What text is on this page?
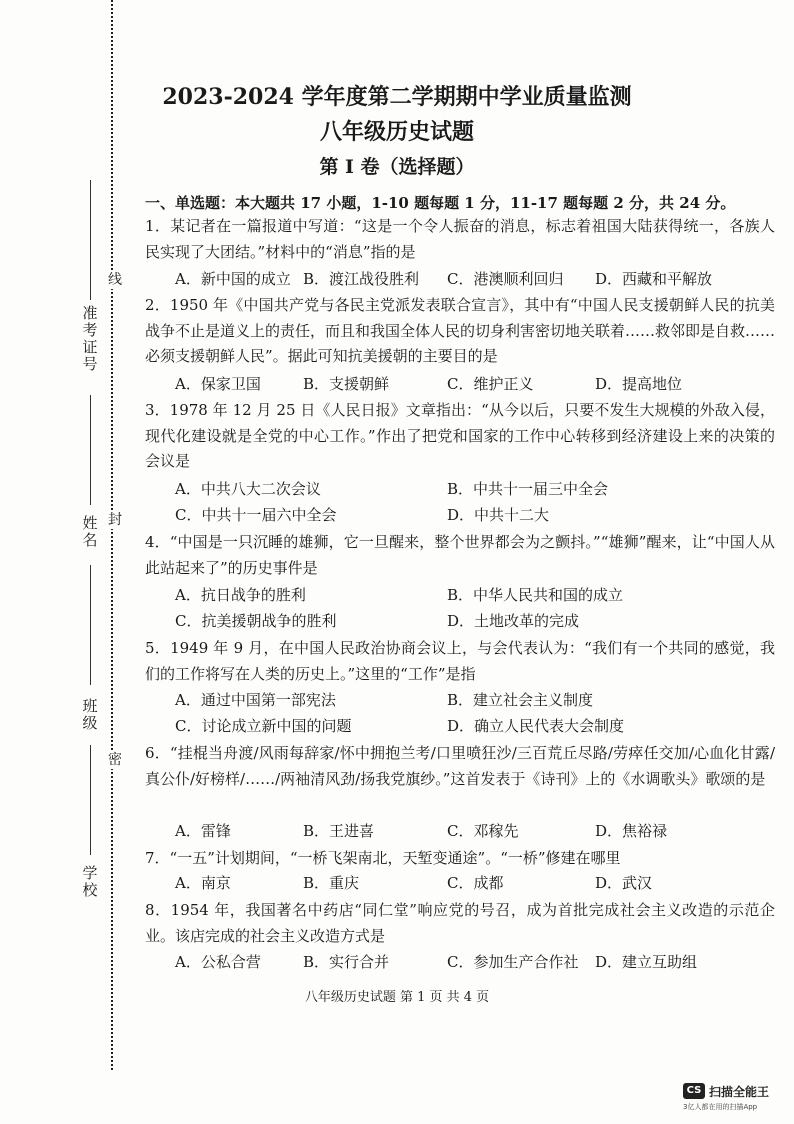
准考证号
姓名
班级
学校
线
封
密
2023-2024 学年度第二学期期中学业质量监测
八年级历史试题
第 I 卷（选择题）
一、单选题：本大题共 17 小题，1-10 题每题 1 分，11-17 题每题 2 分，共 24 分。
1．某记者在一篇报道中写道：“这是一个令人振奋的消息，标志着祖国大陆获得统一，各族人民实现了大团结。”材料中的“消息”指的是
A．新中国的成立 B．渡江战役胜利 C．港澳顺利回归 D．西藏和平解放
2．1950 年《中国共产党与各民主党派发表联合宣言》，其中有“中国人民支援朝鲜人民的抗美战争不止是道义上的责任，而且和我国全体人民的切身利害密切地关联着……救邻即是自救……必须支援朝鲜人民”。据此可知抗美援朝的主要目的是
A．保家卫国	B．支援朝鲜	C．维护正义	D．提高地位
3．1978 年 12 月 25 日《人民日报》文章指出：“从今以后，只要不发生大规模的外敌入侵，现代化建设就是全党的中心工作。”作出了把党和国家的工作中心转移到经济建设上来的决策的会议是
A．中共八大二次会议	B．中共十一届三中全会
C．中共十一届六中全会	D．中共十二大
4．“中国是一只沉睡的雄狮，它一旦醒来，整个世界都会为之颤抖。”“雄狮”醒来，让“中国人从此站起来了”的历史事件是
A．抗日战争的胜利	B．中华人民共和国的成立
C．抗美援朝战争的胜利	D．土地改革的完成
5．1949 年 9 月，在中国人民政治协商会议上，与会代表认为：“我们有一个共同的感觉，我们的工作将写在人类的历史上。”这里的“工作”是指
A．通过中国第一部宪法	B．建立社会主义制度
C．讨论成立新中国的问题	D．确立人民代表大会制度
6．“挂棍当舟渡/风雨每辞家/怀中拥抱兰考/口里喷狂沙/三百荒丘尽路/劳瘁任交加/心血化甘露/真公仆/好榜样/……/两袖清风劲/扬我党旗纱。”这首发表于《诗刊》上的《水调歌头》歌颂的是
A．雷锋	B．王进喜	C．邓稼先	D．焦裕禄
7．“一五”计划期间，“一桥飞架南北，天堑变通途”。“一桥”修建在哪里
A．南京	B．重庆	C．成都	D．武汉
8．1954 年，我国著名中药店“同仁堂”响应党的号召，成为首批完成社会主义改造的示范企业。该店完成的社会主义改造方式是
A．公私合营	B．实行合并	C．参加生产合作社 D．建立互助组
八年级历史试题 第 1 页 共 4 页
CS 扫描全能王
3亿人都在用的扫描App
